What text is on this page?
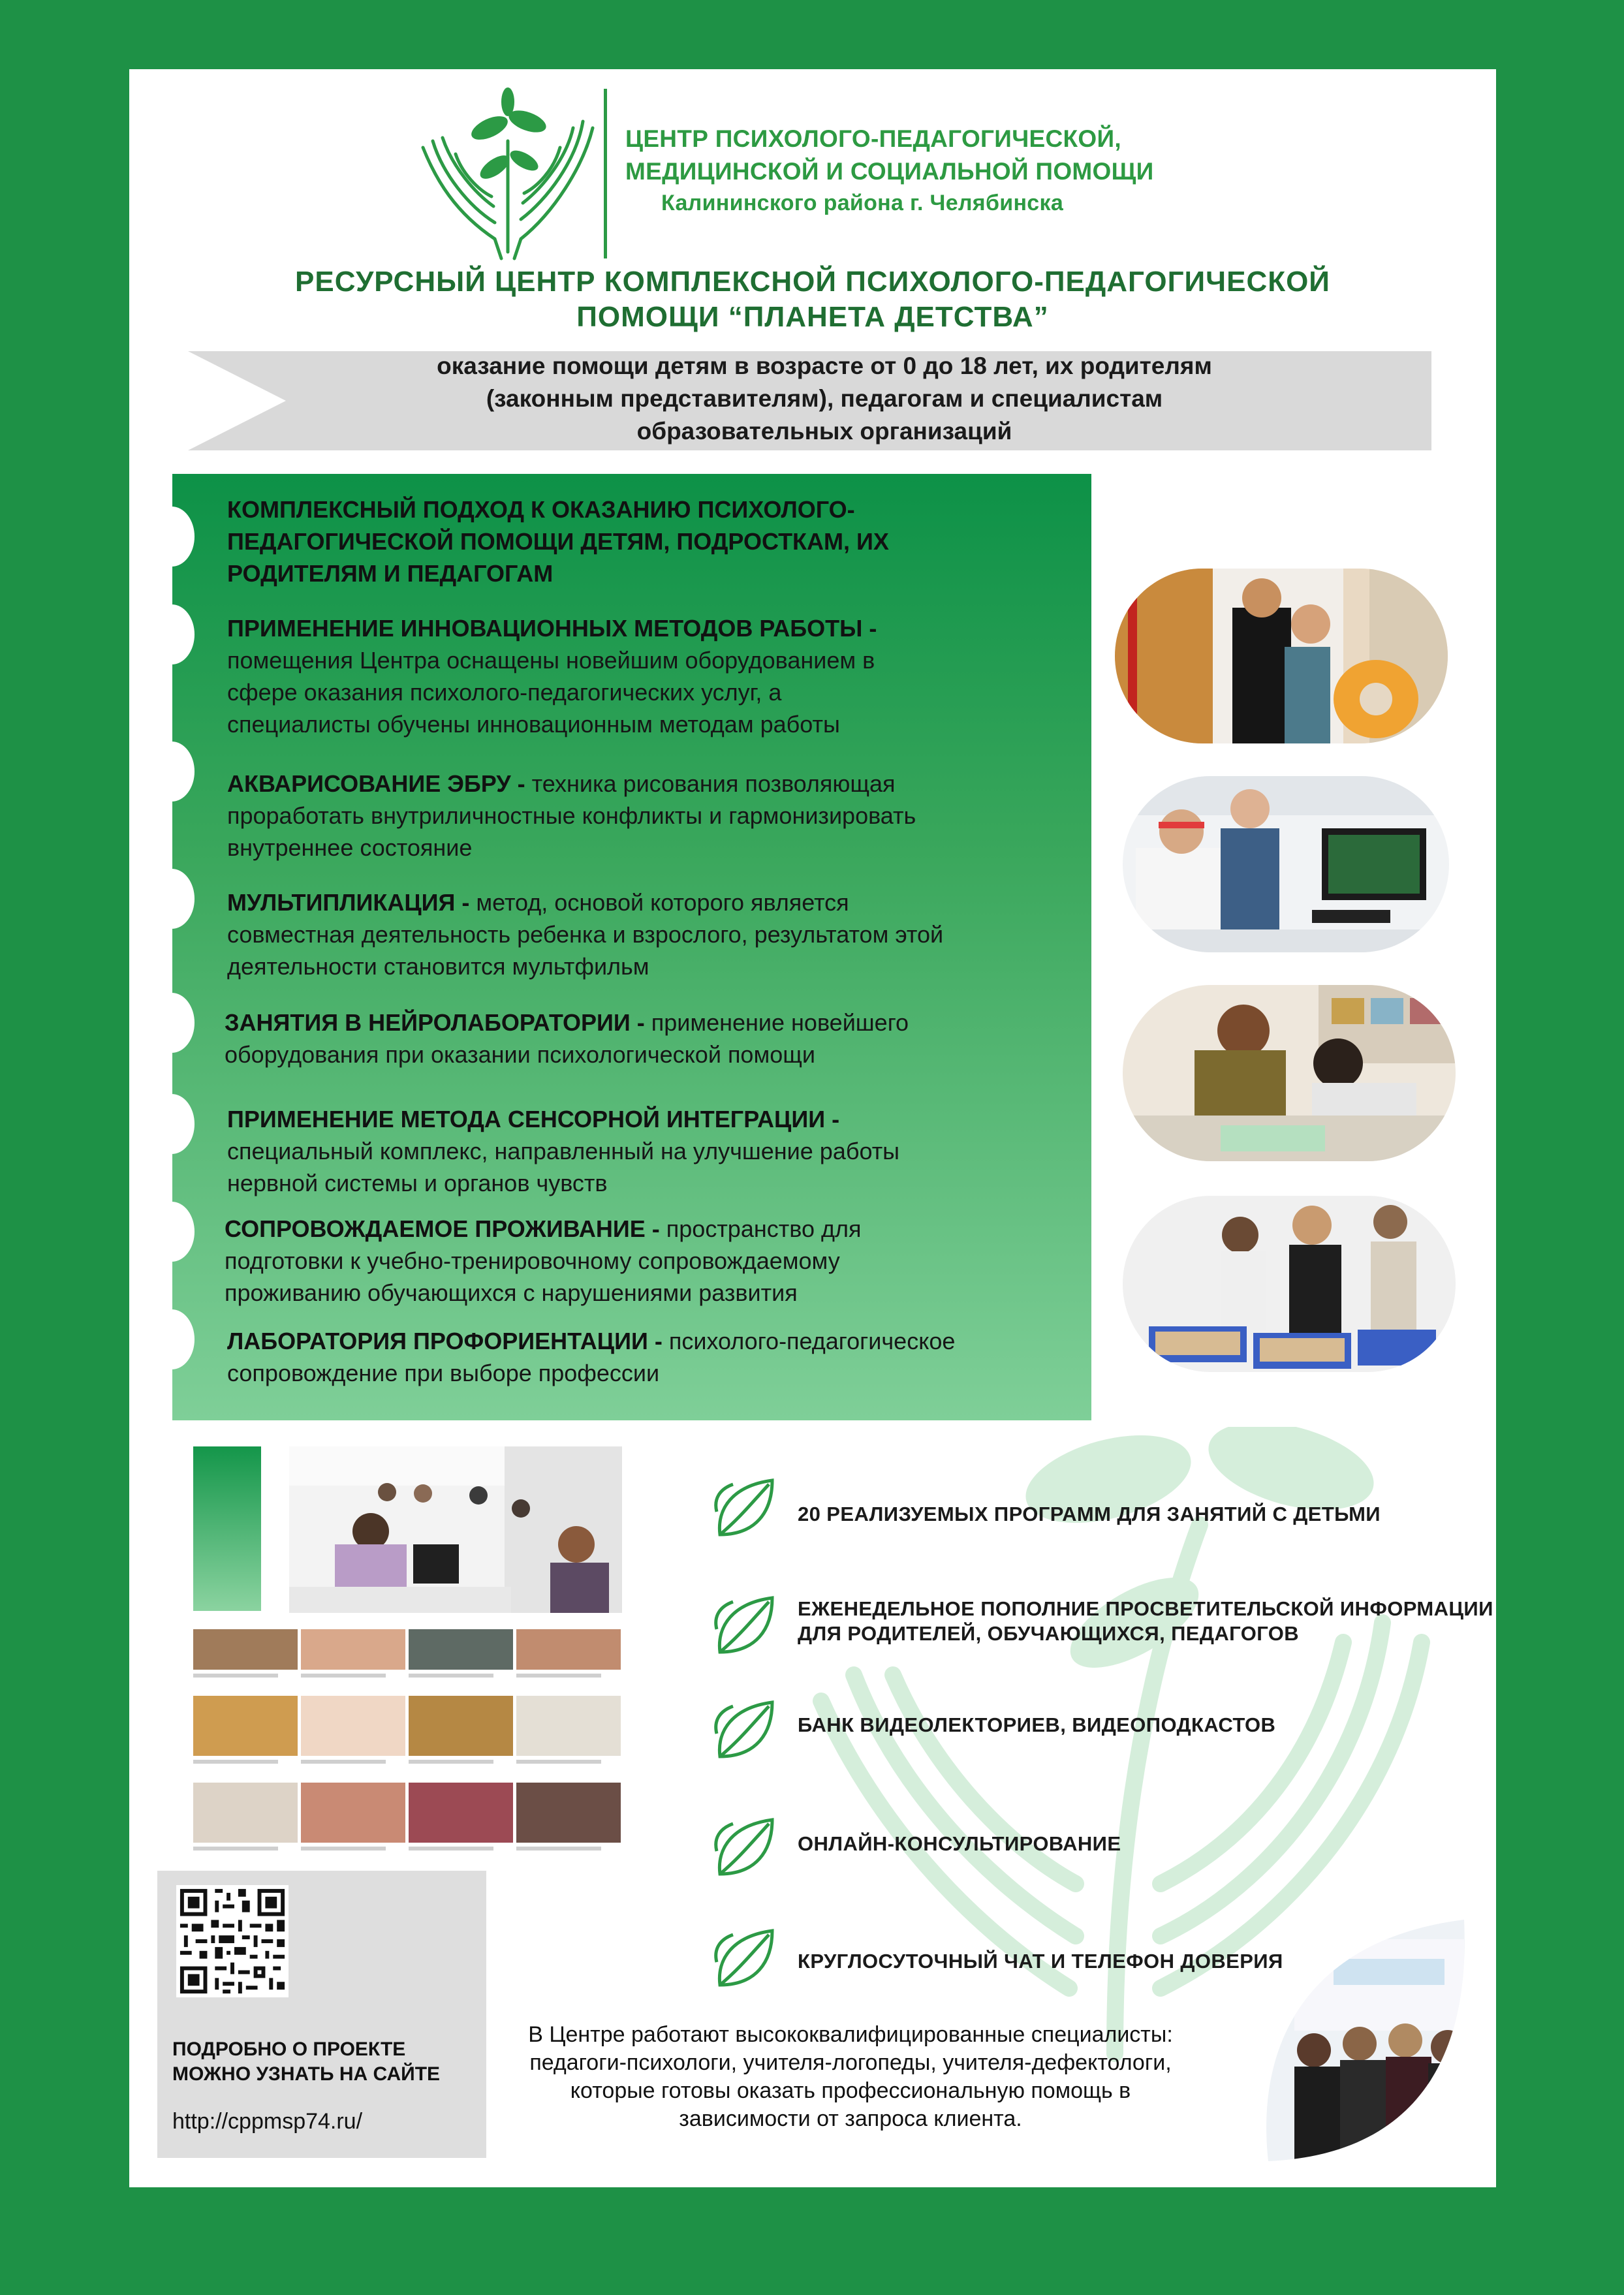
ЦЕНТР ПСИХОЛОГО-ПЕДАГОГИЧЕСКОЙ,
МЕДИЦИНСКОЙ И СОЦИАЛЬНОЙ ПОМОЩИ
Калининского района г. Челябинска
РЕСУРСНЫЙ ЦЕНТР КОМПЛЕКСНОЙ ПСИХОЛОГО-ПЕДАГОГИЧЕСКОЙ
ПОМОЩИ “ПЛАНЕТА ДЕТСТВА”
оказание помощи детям в возрасте от 0 до 18 лет, их родителям
(законным представителям), педагогам и специалистам
образовательных организаций
КОМПЛЕКСНЫЙ ПОДХОД К ОКАЗАНИЮ ПСИХОЛОГО-
ПЕДАГОГИЧЕСКОЙ ПОМОЩИ ДЕТЯМ, ПОДРОСТКАМ, ИХ
РОДИТЕЛЯМ И ПЕДАГОГАМ
ПРИМЕНЕНИЕ ИННОВАЦИОННЫХ МЕТОДОВ РАБОТЫ -
помещения Центра оснащены новейшим оборудованием в
сфере оказания психолого-педагогических услуг, а
специалисты обучены инновационным методам работы
АКВАРИСОВАНИЕ ЭБРУ - техника рисования позволяющая
проработать внутриличностные конфликты и гармонизировать
внутреннее состояние
МУЛЬТИПЛИКАЦИЯ - метод, основой которого является
совместная деятельность ребенка и взрослого, результатом этой
деятельности становится мультфильм
ЗАНЯТИЯ В НЕЙРОЛАБОРАТОРИИ - применение новейшего
оборудования при оказании психологической помощи
ПРИМЕНЕНИЕ МЕТОДА СЕНСОРНОЙ ИНТЕГРАЦИИ -
специальный комплекс, направленный на улучшение работы
нервной системы и органов чувств
СОПРОВОЖДАЕМОЕ ПРОЖИВАНИЕ - пространство для
подготовки к учебно-тренировочному сопровождаемому
проживанию обучающихся с нарушениями развития
ЛАБОРАТОРИЯ ПРОФОРИЕНТАЦИИ - психолого-педагогическое
сопровождение при выборе профессии
20 РЕАЛИЗУЕМЫХ ПРОГРАММ ДЛЯ ЗАНЯТИЙ С ДЕТЬМИ
ЕЖЕНЕДЕЛЬНОЕ ПОПОЛНИЕ ПРОСВЕТИТЕЛЬСКОЙ ИНФОРМАЦИИ
ДЛЯ РОДИТЕЛЕЙ, ОБУЧАЮЩИХСЯ, ПЕДАГОГОВ
БАНК ВИДЕОЛЕКТОРИЕВ, ВИДЕОПОДКАСТОВ
ОНЛАЙН-КОНСУЛЬТИРОВАНИЕ
КРУГЛОСУТОЧНЫЙ ЧАТ И ТЕЛЕФОН ДОВЕРИЯ
ПОДРОБНО О ПРОЕКТЕ
МОЖНО УЗНАТЬ НА САЙТЕ
http://cppmsp74.ru/
В Центре работают высококвалифицированные специалисты:
педагоги-психологи, учителя-логопеды, учителя-дефектологи,
которые готовы оказать профессиональную помощь в
зависимости от запроса клиента.
